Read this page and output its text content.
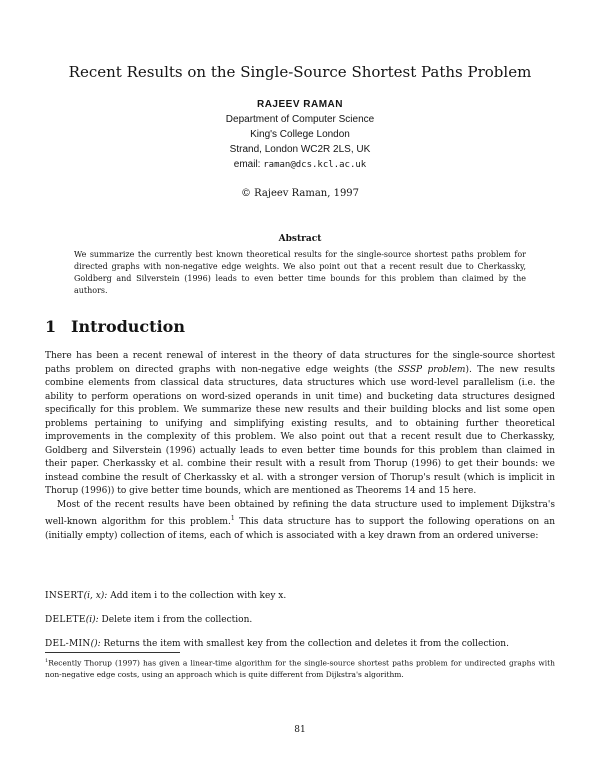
Recent Results on the Single-Source Shortest Paths Problem
RAJEEV RAMAN
Department of Computer Science
King's College London
Strand, London WC2R 2LS, UK
email: raman@dcs.kcl.ac.uk
© Rajeev Raman, 1997
Abstract
We summarize the currently best known theoretical results for the single-source shortest paths problem for directed graphs with non-negative edge weights. We also point out that a recent result due to Cherkassky, Goldberg and Silverstein (1996) leads to even better time bounds for this problem than claimed by the authors.
1 Introduction

There has been a recent renewal of interest in the theory of data structures for the single-source shortest paths problem on directed graphs with non-negative edge weights (the SSSP problem). The new results combine elements from classical data structures, data structures which use word-level parallelism (i.e. the ability to perform operations on word-sized operands in unit time) and bucketing data structures designed specifically for this problem. We summarize these new results and their building blocks and list some open problems pertaining to unifying and simplifying existing results, and to obtaining further theoretical improvements in the complexity of this problem. We also point out that a recent result due to Cherkassky, Goldberg and Silverstein (1996) actually leads to even better time bounds for this problem than claimed in their paper. Cherkassky et al. combine their result with a result from Thorup (1996) to get their bounds: we instead combine the result of Cherkassky et al. with a stronger version of Thorup's result (which is implicit in Thorup (1996)) to give better time bounds, which are mentioned as Theorems 14 and 15 here.

Most of the recent results have been obtained by refining the data structure used to implement Dijkstra's well-known algorithm for this problem.$^1$ This data structure has to support the following operations on an (initially empty) collection of items, each of which is associated with a key drawn from an ordered universe:

INSERT(i, x): Add item i to the collection with key x.
DELETE(i): Delete item i from the collection.
DEL-MIN(): Returns the item with smallest key from the collection and deletes it from the collection.
$^1$Recently Thorup (1997) has given a linear-time algorithm for the single-source shortest paths problem for undirected graphs with non-negative edge costs, using an approach which is quite different from Dijkstra's algorithm.
81
